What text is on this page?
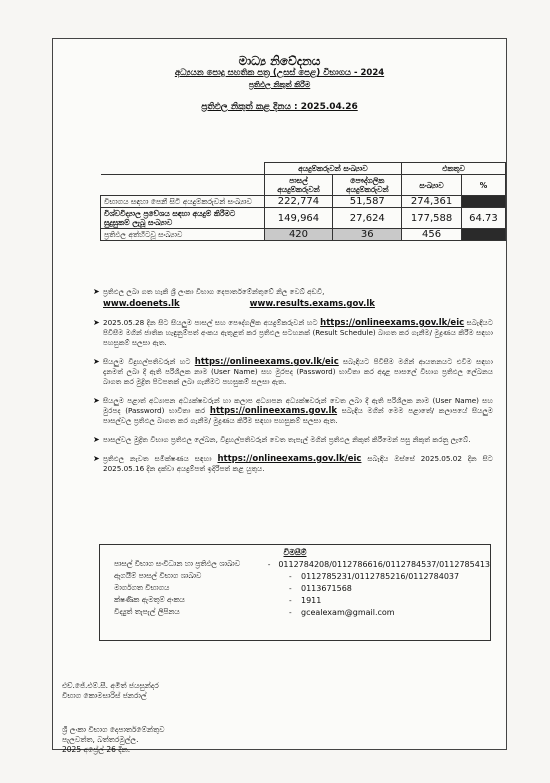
මාධ්‍ය නිවේදනය
අධ්‍යයන පොදු සහතික පත්‍ර (උසස් පෙළ) විභාගය - 2024
ප්‍රතිඵල නිකුත් කිරීම
ප්‍රතිඵල නිකුත් කළ දිනය : 2025.04.26
	අයදුම්කරුවන් සංඛ්‍යාව		එකතුව	
	පාසල් අයදුම්කරුවන්	පෞද්ගලික අයදුම්කරුවන්	සංඛ්‍යාව	%
විභාගය සඳහා පෙනී සිටි අයදුම්කරුවන් සංඛ්‍යාව	222,774	51,587	274,361	
විශ්වවිද්‍යාල ප්‍රවේශය සඳහා අයදුම් කිරීමට සුදුසුකම් ලැබූ සංඛ්‍යාව	149,964	27,624	177,588	64.73
ප්‍රතිඵල අත්හිටවූ සංඛ්‍යාව	420	36	456	
➤ ප්‍රතිඵල ලබා ගත හැකි ශ්‍රී ලංකා විභාග දෙපාර්තමේන්තුවේ නිල වෙබ් අඩවි,
www.doenets.lk	www.results.exams.gov.lk
➤ 2025.05.28 දින සිට සියලුම පාසල් සහ පෞද්ගලික අයදුම්කරුවන් හට https://onlineexams.gov.lk/eic සබැඳියට පිවිසීම මගින් ජාතික හැඳුනුම්පත් අංකය ඇතුළත් කර ප්‍රතිඵල සටහනක් (Result Schedule) බාගත කර ගැනීම/ මුද්‍රණය කිරීම සඳහා පහසුකම් සලසා ඇත.
➤ සියලුම විදුහල්පතිවරුන් හට https://onlineexams.gov.lk/eic සබැඳියට පිවිසීම මගින් ආයතනයට එවීම සඳහා දැනමත් ලබා දී ඇති පරිශීලක නාම (User Name) සහ මුරපද (Password) භාවිතා කර අදාළ පාසලේ විභාග ප්‍රතිඵල ලේඛනය බාගත කර මුද්‍රිත පිටපතක් ලබා ගැනීමට පහසුකම් සලසා ඇත.
➤ සියලුම පළාත් අධ්‍යාපන අධ්‍යක්ෂවරුන් හා කලාප අධ්‍යාපන අධ්‍යක්ෂවරුන් වෙත ලබා දී ඇති පරිශීලක නාම (User Name) සහ මුරපද (Password) භාවිතා කර https://onlineexams.gov.lk සබැඳිය මගින් මෙම පළාතේ/ කලාපයේ සියලුම පාසල්වල ප්‍රතිඵල බාගත කර ගැනීම/ මුද්‍රණය කිරීම සඳහා පහසුකම් සලසා ඇත.
➤ පාසල්වල මුද්‍රිත විභාග ප්‍රතිඵල ලේඛන, විදුහල්පතිවරුන් වෙත තැපැල් මගින් ප්‍රතිඵල නිකුත් කිරීමෙන් පසු නිකුත් කරනු ලැබේ.
➤ ප්‍රතිඵල නැවත සමීක්ෂණය සඳහා https://onlineexams.gov.lk/eic සබැඳිය ඔස්සේ 2025.05.02 දින සිට 2025.05.16 දින දක්වා අයදුම්පත් ඉදිරිපත් කළ යුතුය.
විමසීම්
පාසල් විභාග සංවිධාන හා ප්‍රතිඵල ශාඛාව	- 0112784208/0112786616/0112784537/0112785413
ඇගයීම් පාසල් විභාග ශාඛාව	-	0112785231/0112785216/0112784037
මාර්ගගත විභාගය	-	0113671568
ක්ෂණික ඇමතුම් අංකය	-	1911
විද්‍යුත් තැපැල් ලිපිනය	-	gcealexam@gmail.com
එච්.ජේ.එම්.සී. අමිත් ජයසුන්දර
විභාග කොමසාරිස් ජනරාල්
ශ්‍රී ලංකා විභාග දෙපාර්තමේන්තුව
පැලවත්ත, බත්තරමුල්ල.
2025 අප්‍රේල් 26 දින.
